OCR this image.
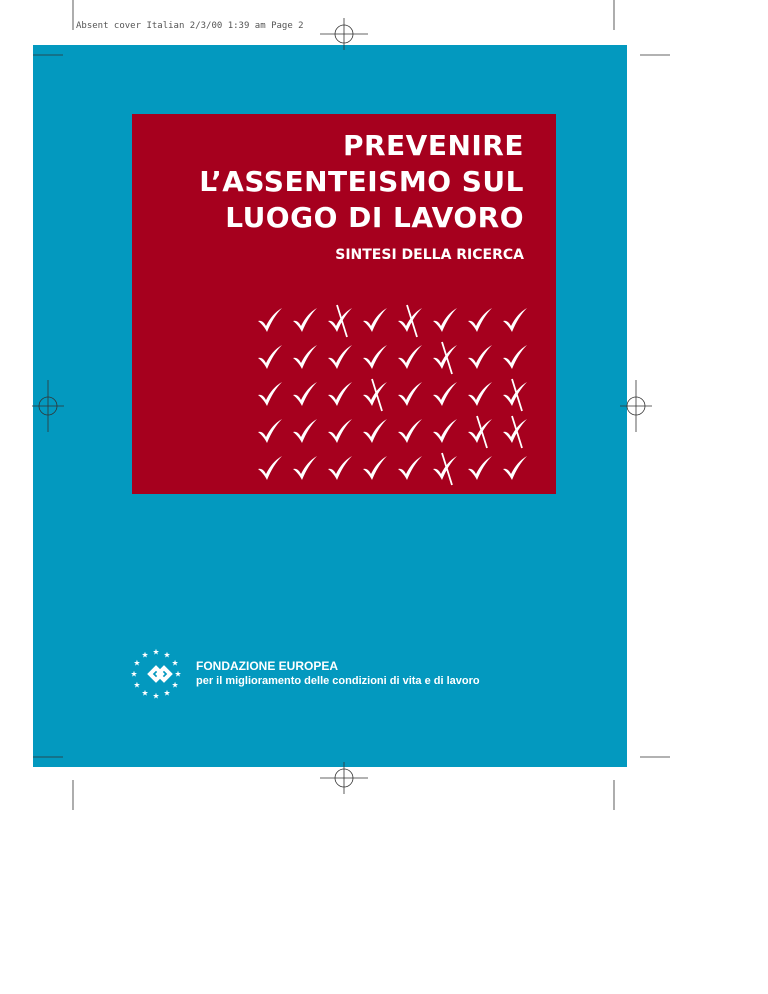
Absent cover Italian 2/3/00 1:39 am Page 2
PREVENIRE
L’ASSENTEISMO SUL
LUOGO DI LAVORO
SINTESI DELLA RICERCA
FONDAZIONE EUROPEA
per il miglioramento delle condizioni di vita e di lavoro
